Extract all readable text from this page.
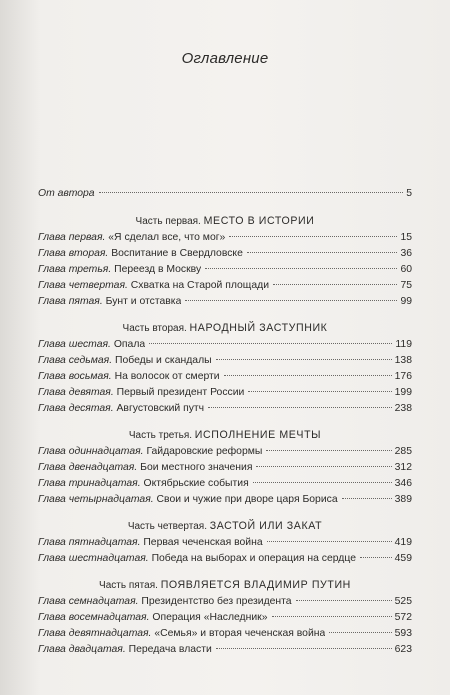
Оглавление
От автора	5
Часть первая. МЕСТО В ИСТОРИИ
Глава первая. «Я сделал все, что мог»	15
Глава вторая. Воспитание в Свердловске	36
Глава третья. Переезд в Москву	60
Глава четвертая. Схватка на Старой площади	75
Глава пятая. Бунт и отставка	99
Часть вторая. НАРОДНЫЙ ЗАСТУПНИК
Глава шестая. Опала	119
Глава седьмая. Победы и скандалы	138
Глава восьмая. На волосок от смерти	176
Глава девятая. Первый президент России	199
Глава десятая. Августовский путч	238
Часть третья. ИСПОЛНЕНИЕ МЕЧТЫ
Глава одиннадцатая. Гайдаровские реформы	285
Глава двенадцатая. Бои местного значения	312
Глава тринадцатая. Октябрьские события	346
Глава четырнадцатая. Свои и чужие при дворе царя Бориса	389
Часть четвертая. ЗАСТОЙ ИЛИ ЗАКАТ
Глава пятнадцатая. Первая чеченская война	419
Глава шестнадцатая. Победа на выборах и операция на сердце	459
Часть пятая. ПОЯВЛЯЕТСЯ ВЛАДИМИР ПУТИН
Глава семнадцатая. Президентство без президента	525
Глава восемнадцатая. Операция «Наследник»	572
Глава девятнадцатая. «Семья» и вторая чеченская война	593
Глава двадцатая. Передача власти	623
